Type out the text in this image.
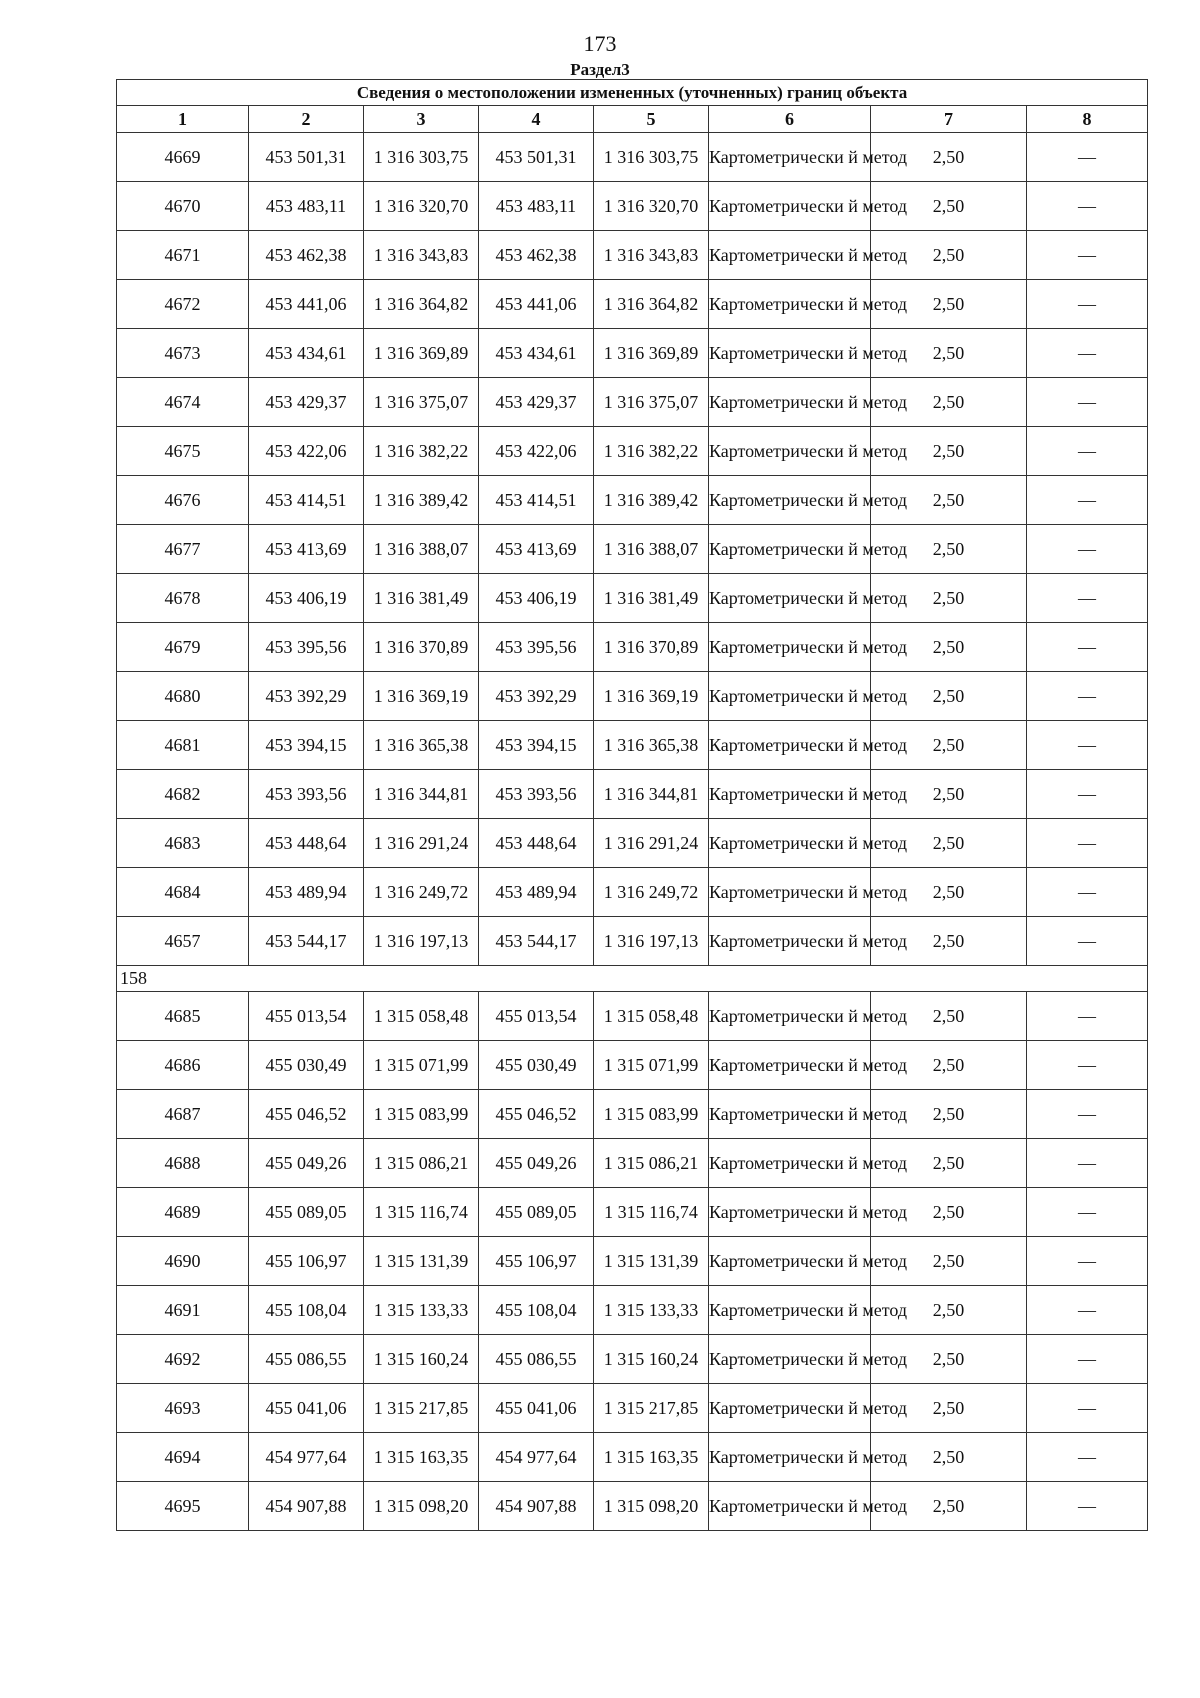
173
Раздел3
Сведения о местоположении измененных (уточненных) границ объекта							
1	2	3	4	5	6	7	8
4669	453 501,31	1 316 303,75	453 501,31	1 316 303,75	Картометрически й метод	2,50	—
4670	453 483,11	1 316 320,70	453 483,11	1 316 320,70	Картометрически й метод	2,50	—
4671	453 462,38	1 316 343,83	453 462,38	1 316 343,83	Картометрически й метод	2,50	—
4672	453 441,06	1 316 364,82	453 441,06	1 316 364,82	Картометрически й метод	2,50	—
4673	453 434,61	1 316 369,89	453 434,61	1 316 369,89	Картометрически й метод	2,50	—
4674	453 429,37	1 316 375,07	453 429,37	1 316 375,07	Картометрически й метод	2,50	—
4675	453 422,06	1 316 382,22	453 422,06	1 316 382,22	Картометрически й метод	2,50	—
4676	453 414,51	1 316 389,42	453 414,51	1 316 389,42	Картометрически й метод	2,50	—
4677	453 413,69	1 316 388,07	453 413,69	1 316 388,07	Картометрически й метод	2,50	—
4678	453 406,19	1 316 381,49	453 406,19	1 316 381,49	Картометрически й метод	2,50	—
4679	453 395,56	1 316 370,89	453 395,56	1 316 370,89	Картометрически й метод	2,50	—
4680	453 392,29	1 316 369,19	453 392,29	1 316 369,19	Картометрически й метод	2,50	—
4681	453 394,15	1 316 365,38	453 394,15	1 316 365,38	Картометрически й метод	2,50	—
4682	453 393,56	1 316 344,81	453 393,56	1 316 344,81	Картометрически й метод	2,50	—
4683	453 448,64	1 316 291,24	453 448,64	1 316 291,24	Картометрически й метод	2,50	—
4684	453 489,94	1 316 249,72	453 489,94	1 316 249,72	Картометрически й метод	2,50	—
4657	453 544,17	1 316 197,13	453 544,17	1 316 197,13	Картометрически й метод	2,50	—
158							
4685	455 013,54	1 315 058,48	455 013,54	1 315 058,48	Картометрически й метод	2,50	—
4686	455 030,49	1 315 071,99	455 030,49	1 315 071,99	Картометрически й метод	2,50	—
4687	455 046,52	1 315 083,99	455 046,52	1 315 083,99	Картометрически й метод	2,50	—
4688	455 049,26	1 315 086,21	455 049,26	1 315 086,21	Картометрически й метод	2,50	—
4689	455 089,05	1 315 116,74	455 089,05	1 315 116,74	Картометрически й метод	2,50	—
4690	455 106,97	1 315 131,39	455 106,97	1 315 131,39	Картометрически й метод	2,50	—
4691	455 108,04	1 315 133,33	455 108,04	1 315 133,33	Картометрически й метод	2,50	—
4692	455 086,55	1 315 160,24	455 086,55	1 315 160,24	Картометрически й метод	2,50	—
4693	455 041,06	1 315 217,85	455 041,06	1 315 217,85	Картометрически й метод	2,50	—
4694	454 977,64	1 315 163,35	454 977,64	1 315 163,35	Картометрически й метод	2,50	—
4695	454 907,88	1 315 098,20	454 907,88	1 315 098,20	Картометрически й метод	2,50	—
